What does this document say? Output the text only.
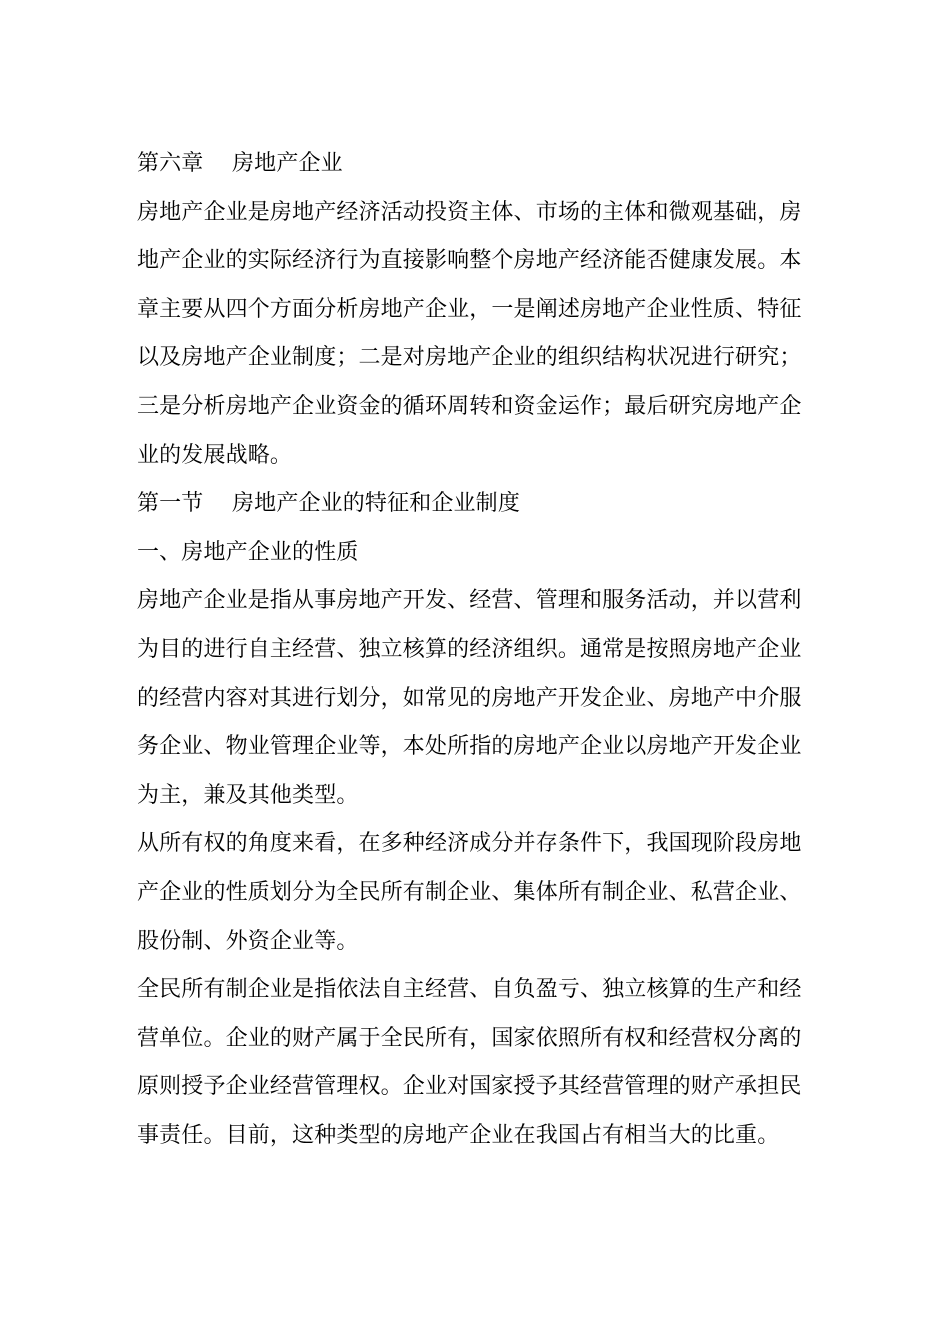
第六章    房地产企业
房地产企业是房地产经济活动投资主体、市场的主体和微观基础，房
地产企业的实际经济行为直接影响整个房地产经济能否健康发展。本
章主要从四个方面分析房地产企业，一是阐述房地产企业性质、特征
以及房地产企业制度；二是对房地产企业的组织结构状况进行研究；
三是分析房地产企业资金的循环周转和资金运作；最后研究房地产企
业的发展战略。
第一节    房地产企业的特征和企业制度
一、房地产企业的性质
房地产企业是指从事房地产开发、经营、管理和服务活动，并以营利
为目的进行自主经营、独立核算的经济组织。通常是按照房地产企业
的经营内容对其进行划分，如常见的房地产开发企业、房地产中介服
务企业、物业管理企业等，本处所指的房地产企业以房地产开发企业
为主，兼及其他类型。
从所有权的角度来看，在多种经济成分并存条件下，我国现阶段房地
产企业的性质划分为全民所有制企业、集体所有制企业、私营企业、
股份制、外资企业等。
全民所有制企业是指依法自主经营、自负盈亏、独立核算的生产和经
营单位。企业的财产属于全民所有，国家依照所有权和经营权分离的
原则授予企业经营管理权。企业对国家授予其经营管理的财产承担民
事责任。目前，这种类型的房地产企业在我国占有相当大的比重。
